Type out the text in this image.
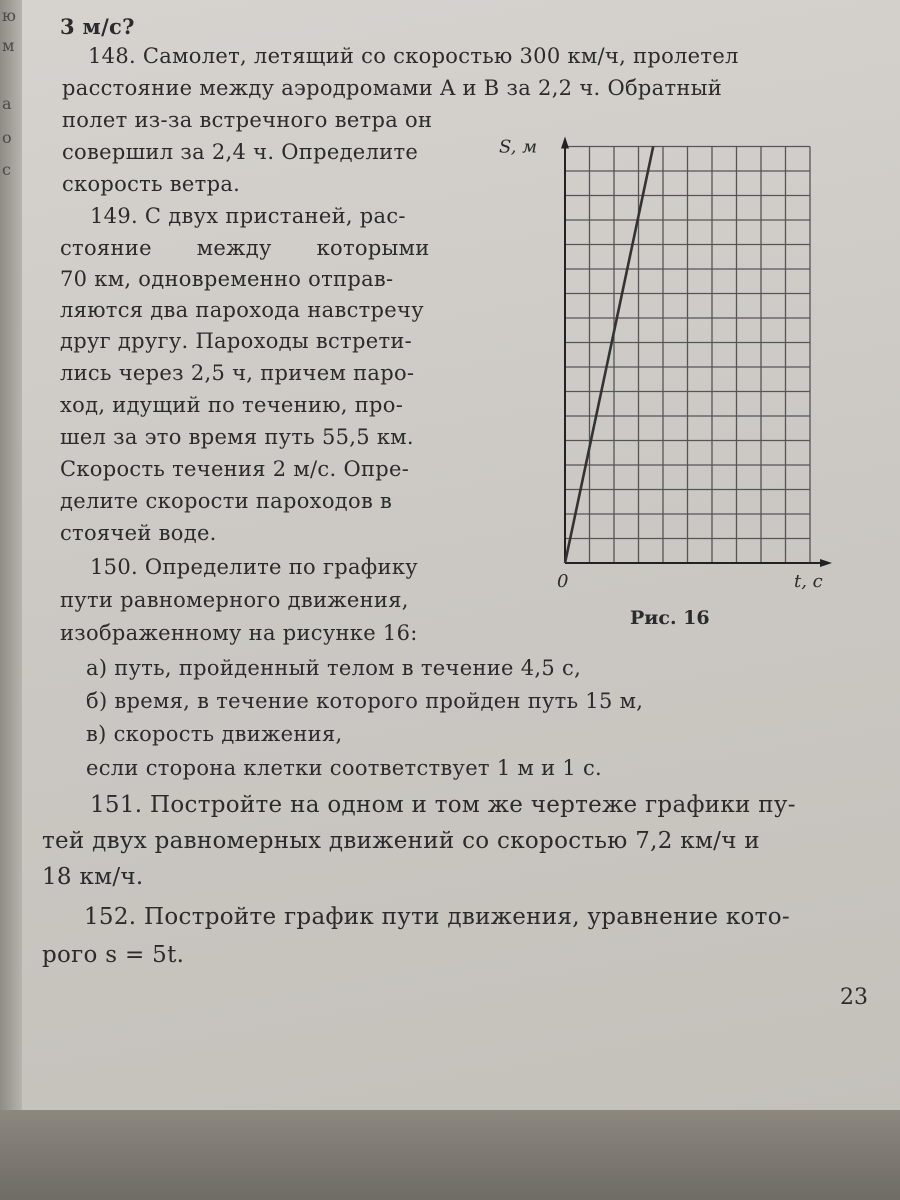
ю
м
а
о
с
3 м/с?
148. Самолет, летящий со скоростью 300 км/ч, пролетел
расстояние между аэродромами A и B за 2,2 ч. Обратный
полет из-за встречного ветра он
совершил за 2,4 ч. Определите
скорость ветра.
149. С двух пристаней, рас-
стояние между которыми
70 км, одновременно отправ-
ляются два парохода навстречу
друг другу. Пароходы встрети-
лись через 2,5 ч, причем паро-
ход, идущий по течению, про-
шел за это время путь 55,5 км.
Скорость течения 2 м/с. Опре-
делите скорости пароходов в
стоячей воде.
150. Определите по графику
пути равномерного движения,
изображенному на рисунке 16:
а) путь, пройденный телом в течение 4,5 с,
б) время, в течение которого пройден путь 15 м,
в) скорость движения,
если сторона клетки соответствует 1 м и 1 с.
151. Постройте на одном и том же чертеже графики пу-
тей двух равномерных движений со скоростью 7,2 км/ч и
18 км/ч.
152. Постройте график пути движения, уравнение кото-
рого s = 5t.
S, м
t, с
0
Рис. 16
23
